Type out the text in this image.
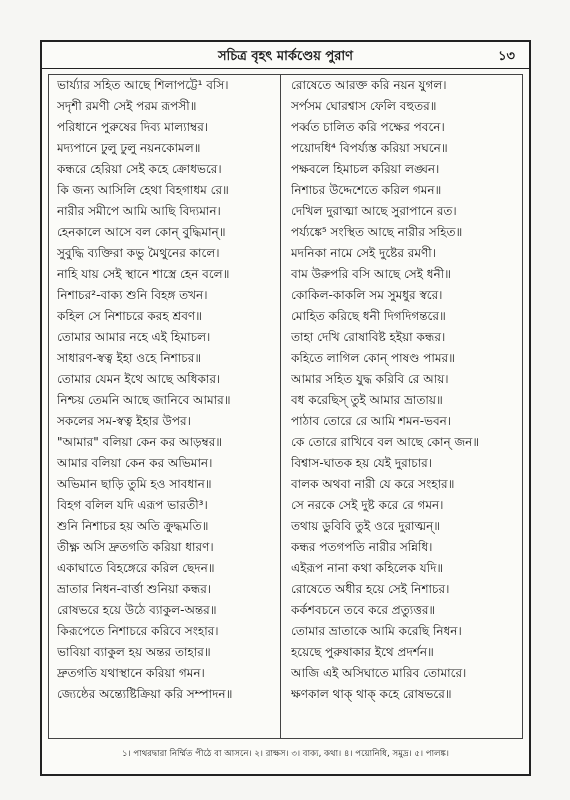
সচিত্র বৃহৎ মার্কণ্ডেয় পুরাণ	১৩
ভার্য্যার সহিত আছে শিলাপট্টে¹ বসি।
সদৃশী রমণী সেই পরম রূপসী॥
পরিধানে পুরুষের দিব্য মাল্যাম্বর।
মদ্যপানে ঢুলু ঢুলু নয়নকোমল॥
কন্ধরে হেরিয়া সেই কহে ক্রোধভরে।
কি জন্য আসিলি হেথা বিহগাধম রে॥
নারীর সমীপে আমি আছি বিদ্যমান।
হেনকালে আসে বল কোন্ বুদ্ধিমান্॥
সুবুদ্ধি ব্যক্তিরা কভু মৈথুনের কালে।
নাহি যায় সেই স্থানে শাস্ত্রে হেন বলে॥
নিশাচর²-বাক্য শুনি বিহঙ্গ তখন।
কহিল সে নিশাচরে করহ শ্রবণ॥
তোমার আমার নহে এই হিমাচল।
সাধারণ-স্বত্ব ইহা ওহে নিশাচর॥
তোমার যেমন ইথে আছে অধিকার।
নিশ্চয় তেমনি আছে জানিবে আমার॥
সকলের সম-স্বত্ব ইহার উপর।
"আমার" বলিয়া কেন কর আড়ম্বর॥
আমার বলিয়া কেন কর অভিমান।
অভিমান ছাড়ি তুমি হও সাবধান॥
বিহগ বলিল যদি এরূপ ভারতী³।
শুনি নিশাচর হয় অতি ক্রুদ্ধমতি॥
তীক্ষ্ণ অসি দ্রুতগতি করিয়া ধারণ।
একাঘাতে বিহঙ্গেরে করিল ছেদন॥
ভ্রাতার নিধন-বার্ত্তা শুনিয়া কন্ধর।
রোষভরে হয়ে উঠে ব্যাকুল-অন্তর॥
কিরূপেতে নিশাচরে করিবে সংহার।
ভাবিয়া ব্যাকুল হয় অন্তর তাহার॥
দ্রুতগতি যথাস্থানে করিয়া গমন।
জ্যেষ্ঠের অন্ত্যেষ্টিক্রিয়া করি সম্পাদন॥
রোষেতে আরক্ত করি নয়ন যুগল।
সর্পসম ঘোরশ্বাস ফেলি বহুতর॥
পর্ব্বত চালিত করি পক্ষের পবনে।
পয়োদধি⁴ বিপর্য্যস্ত করিয়া সঘনে॥
পক্ষবলে হিমাচল করিয়া লঙ্ঘন।
নিশাচর উদ্দেশেতে করিল গমন॥
দেখিল দুরাত্মা আছে সুরাপানে রত।
পর্য্যঙ্কে⁵ সংস্থিত আছে নারীর সহিত॥
মদনিকা নামে সেই দুষ্টের রমণী।
বাম উরুপরি বসি আছে সেই ধনী॥
কোকিল-কাকলি সম সুমধুর স্বরে।
মোহিত করিছে ধনী দিগদিগন্তরে॥
তাহা দেখি রোষাবিষ্ট হইয়া কন্ধর।
কহিতে লাগিল কোন্ পাষণ্ড পামর॥
আমার সহিত যুদ্ধ করিবি রে আয়।
বধ করেছিস্ তুই আমার ভ্রাতায়॥
পাঠাব তোরে রে আমি শমন-ভবন।
কে তোরে রাখিবে বল আছে কোন্ জন॥
বিশ্বাস-ঘাতক হয় যেই দুরাচার।
বালক অথবা নারী যে করে সংহার॥
সে নরকে সেই দুষ্ট করে রে গমন।
তথায় ডুবিবি তুই ওরে দুরাত্মন্॥
কন্ধর পতগপতি নারীর সন্নিধি।
এইরূপ নানা কথা কহিলেক যদি॥
রোষেতে অধীর হয়ে সেই নিশাচর।
কর্কশবচনে তবে করে প্রত্যুত্তর॥
তোমার ভ্রাতাকে আমি করেছি নিধন।
হয়েছে পুরুষাকার ইথে প্রদর্শন॥
আজি এই অসিঘাতে মারিব তোমারে।
ক্ষণকাল থাক্ থাক্ কহে রোষভরে॥
১। পাথরদ্বারা নির্ম্মিত পীঠে বা আসনে। ২। রাক্ষস। ৩। বাক্য, কথা। ৪। পয়োনিধি, সমুদ্র। ৫। পালঙ্ক।
